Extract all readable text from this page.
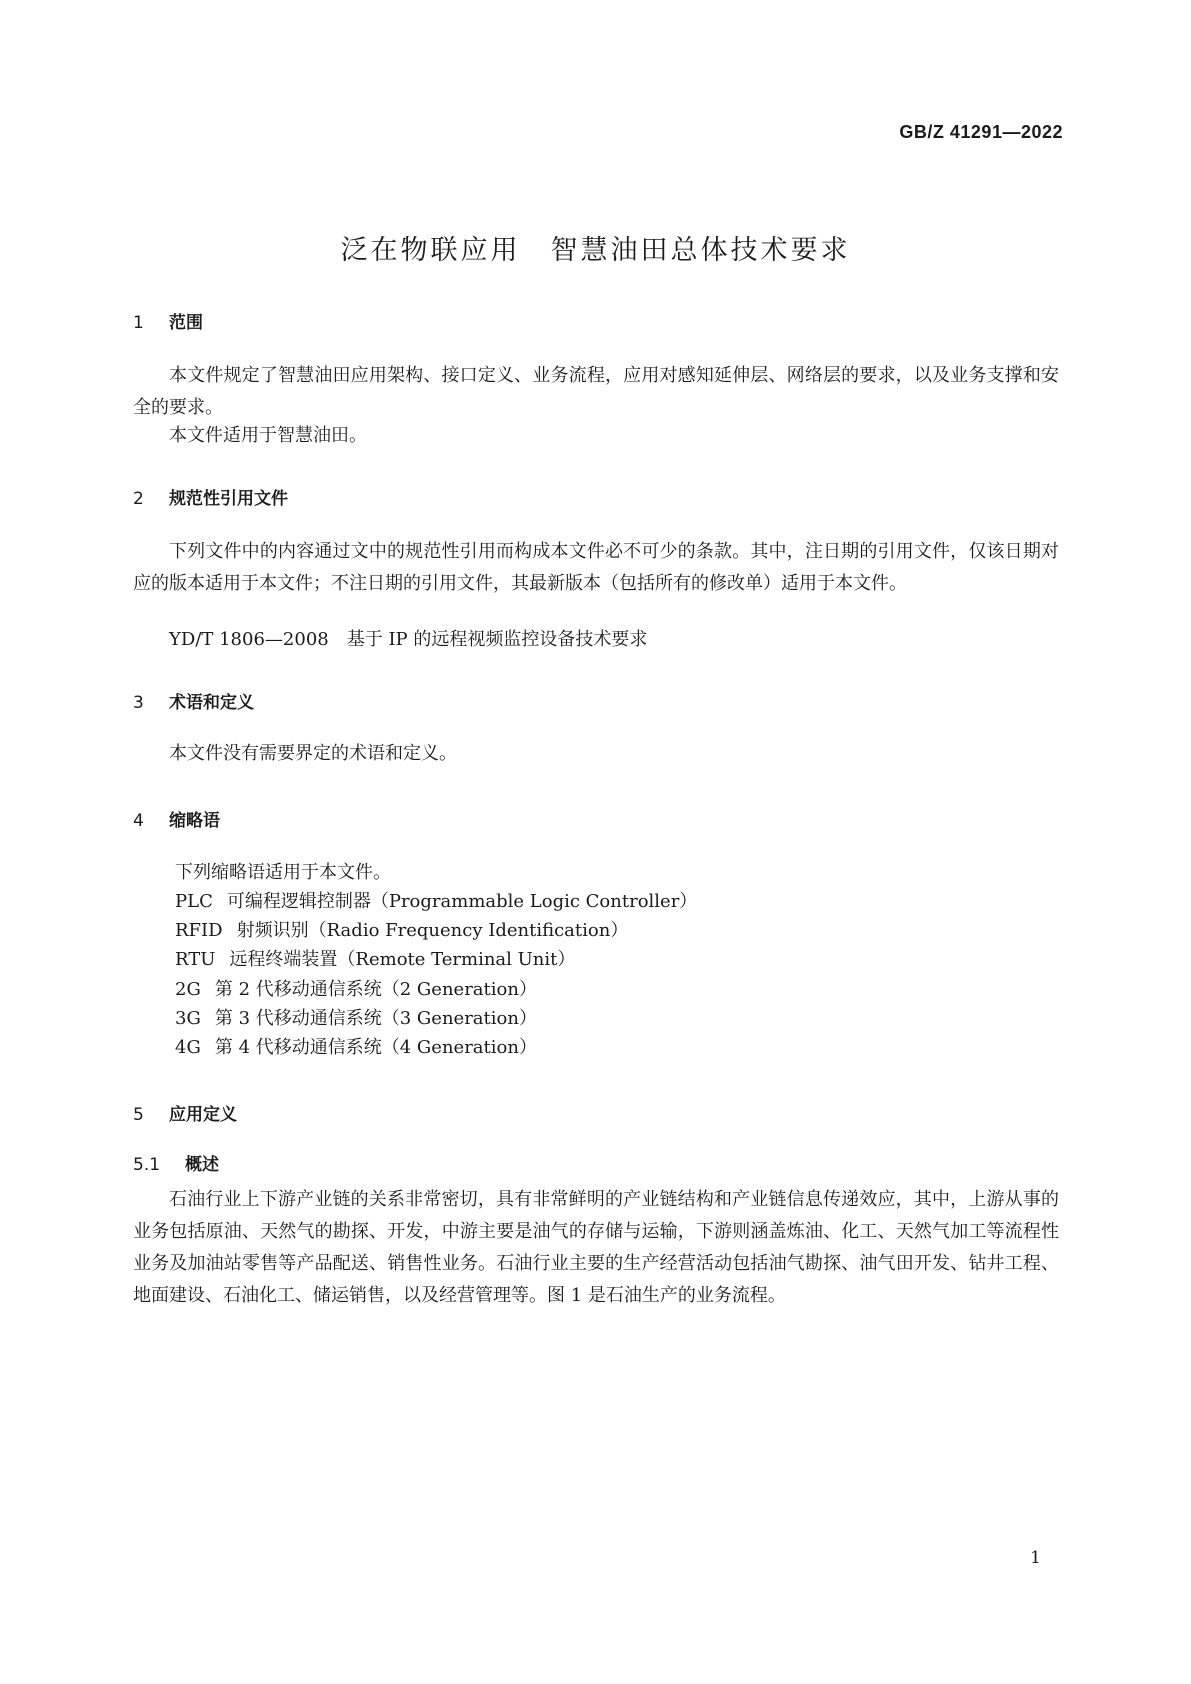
GB/Z 41291—2022
泛在物联应用　智慧油田总体技术要求
1 范围
本文件规定了智慧油田应用架构、接口定义、业务流程，应用对感知延伸层、网络层的要求，以及业务支撑和安全的要求。
本文件适用于智慧油田。
2 规范性引用文件
下列文件中的内容通过文中的规范性引用而构成本文件必不可少的条款。其中，注日期的引用文件，仅该日期对应的版本适用于本文件；不注日期的引用文件，其最新版本（包括所有的修改单）适用于本文件。
YD/T 1806—2008　基于 IP 的远程视频监控设备技术要求
3 术语和定义
本文件没有需要界定的术语和定义。
4 缩略语
下列缩略语适用于本文件。
PLC 可编程逻辑控制器（Programmable Logic Controller）
RFID 射频识别（Radio Frequency Identification）
RTU 远程终端装置（Remote Terminal Unit）
2G 第 2 代移动通信系统（2 Generation）
3G 第 3 代移动通信系统（3 Generation）
4G 第 4 代移动通信系统（4 Generation）
5 应用定义
5.1 概述
石油行业上下游产业链的关系非常密切，具有非常鲜明的产业链结构和产业链信息传递效应，其中，上游从事的业务包括原油、天然气的勘探、开发，中游主要是油气的存储与运输，下游则涵盖炼油、化工、天然气加工等流程性业务及加油站零售等产品配送、销售性业务。石油行业主要的生产经营活动包括油气勘探、油气田开发、钻井工程、地面建设、石油化工、储运销售，以及经营管理等。图 1 是石油生产的业务流程。
1
